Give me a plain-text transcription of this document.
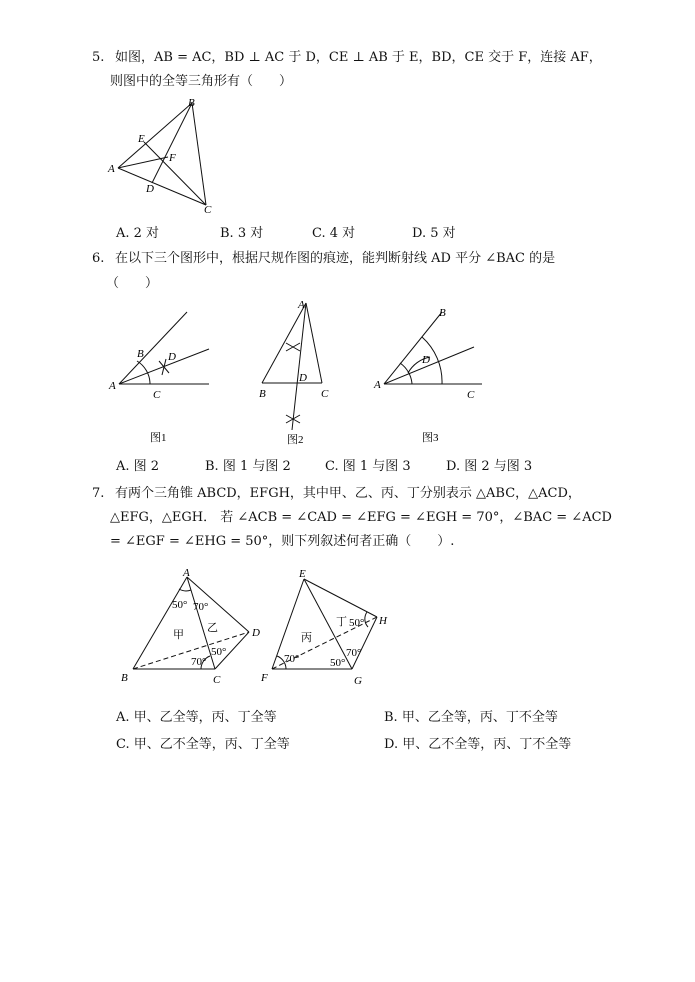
5. 如图，AB = AC，BD ⊥ AC 于 D，CE ⊥ AB 于 E，BD，CE 交于 F，连接 AF，
则图中的全等三角形有（　　）
A
B
C
D
E
F
A. 2 对	B. 3 对	C. 4 对	D. 5 对
6. 在以下三个图形中，根据尺规作图的痕迹，能判断射线 AD 平分 ∠BAC 的是
（　　）
A
B
C
D
图1
A
B	C
D
图2
A
B
C
D
图3
A. 图 2	B. 图 1 与图 2	C. 图 1 与图 3	D. 图 2 与图 3
7. 有两个三角锥 ABCD，EFGH，其中甲、乙、丙、丁分别表示 △ABC，△ACD，
△EFG，△EGH． 若 ∠ACB = ∠CAD = ∠EFG = ∠EGH = 70°，∠BAC = ∠ACD
= ∠EGF = ∠EHG = 50°，则下列叙述何者正确（　　）.
A
B	C
D
甲
乙
50° 70°
50°
70°
E
F	G
H
丙
丁 50°
70°	50°
70°
A. 甲、乙全等，丙、丁全等	B. 甲、乙全等，丙、丁不全等
C. 甲、乙不全等，丙、丁全等	D. 甲、乙不全等，丙、丁不全等
